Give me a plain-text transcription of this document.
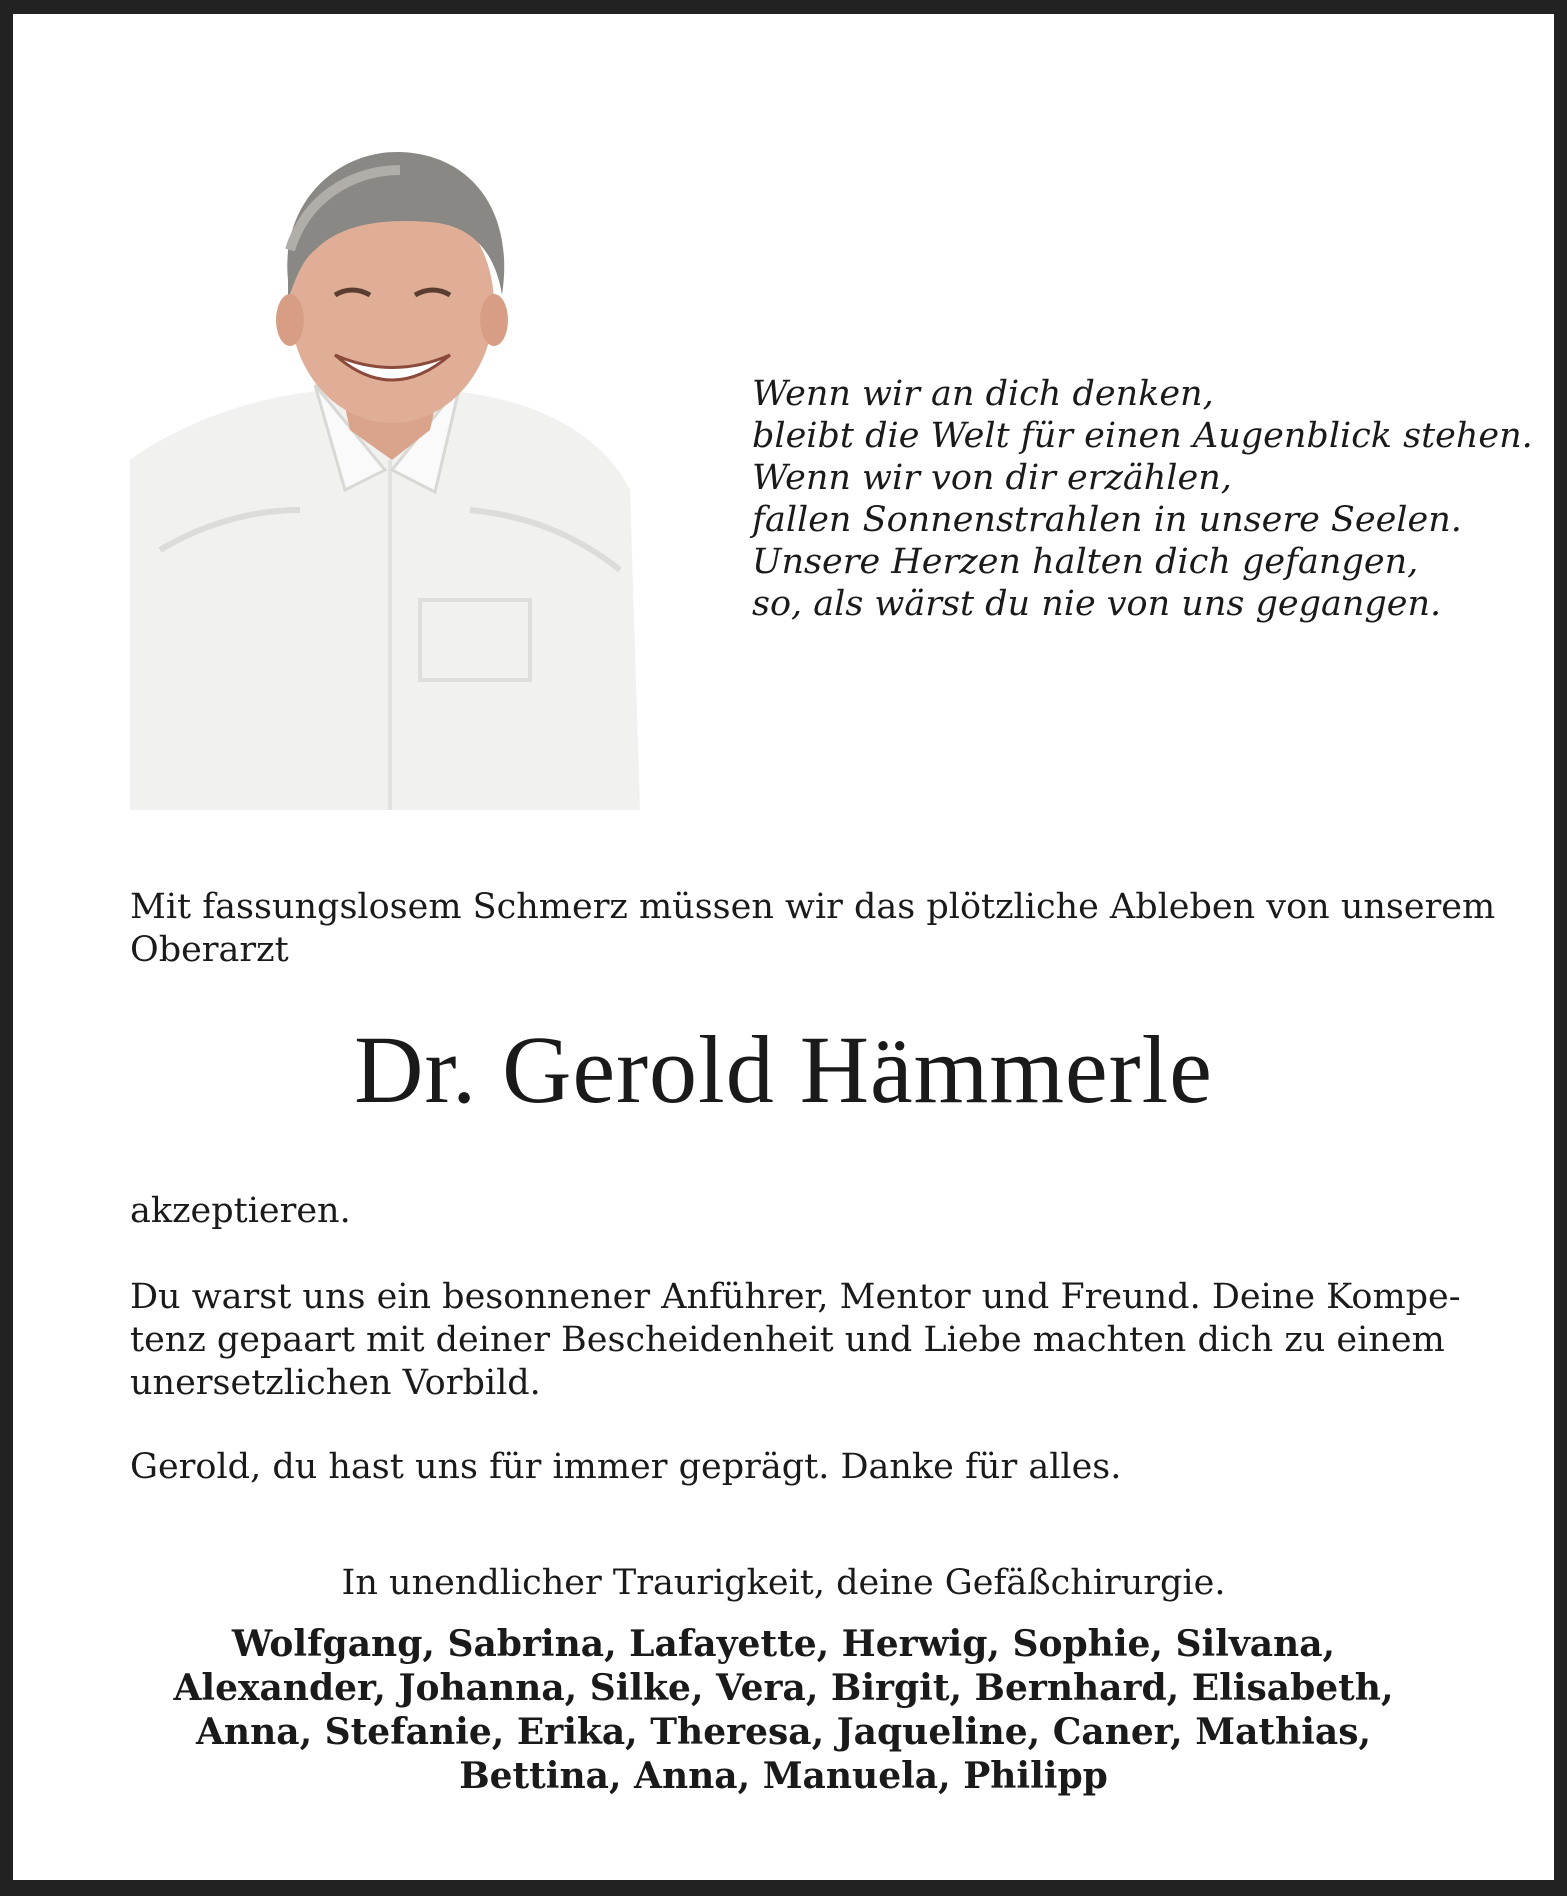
Wenn wir an dich denken,
bleibt die Welt für einen Augenblick stehen.
Wenn wir von dir erzählen,
fallen Sonnenstrahlen in unsere Seelen.
Unsere Herzen halten dich gefangen,
so, als wärst du nie von uns gegangen.
Mit fassungslosem Schmerz müssen wir das plötzliche Ableben von unserem
Oberarzt
Dr. Gerold Hämmerle
akzeptieren.
Du warst uns ein besonnener Anführer, Mentor und Freund. Deine Kompe-
tenz gepaart mit deiner Bescheidenheit und Liebe machten dich zu einem
unersetzlichen Vorbild.
Gerold, du hast uns für immer geprägt. Danke für alles.
In unendlicher Traurigkeit, deine Gefäßchirurgie.
Wolfgang, Sabrina, Lafayette, Herwig, Sophie, Silvana,
Alexander, Johanna, Silke, Vera, Birgit, Bernhard, Elisabeth,
Anna, Stefanie, Erika, Theresa, Jaqueline, Caner, Mathias,
Bettina, Anna, Manuela, Philipp
